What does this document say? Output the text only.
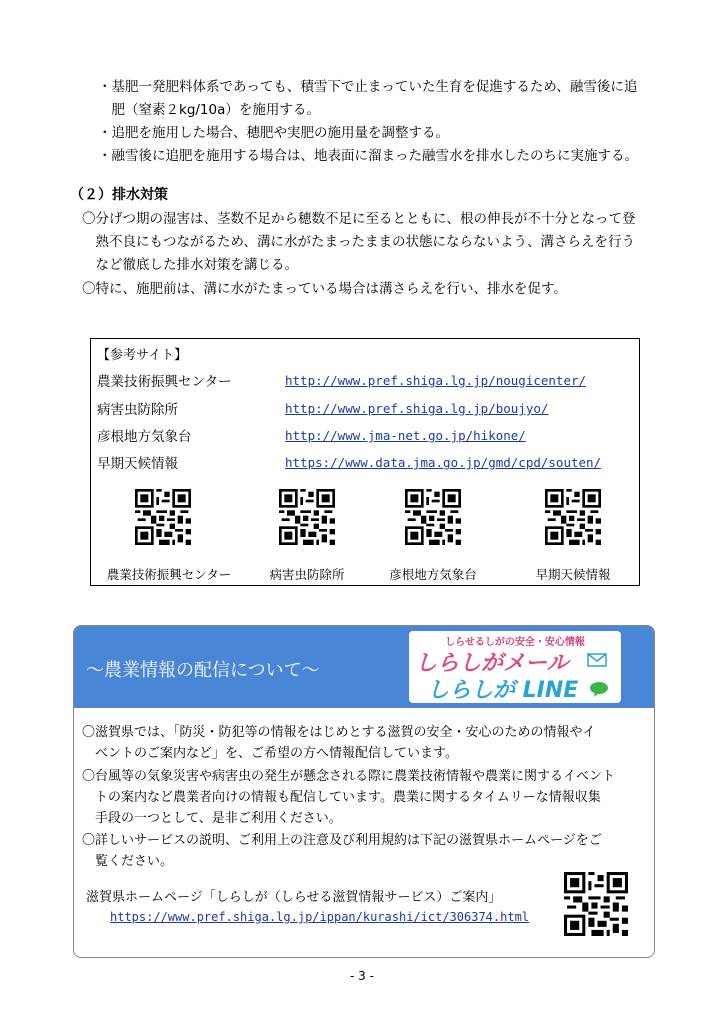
・基肥一発肥料体系であっても、積雪下で止まっていた生育を促進するため、融雪後に追
　肥（窒素２kg/10a）を施用する。
・追肥を施用した場合、穂肥や実肥の施用量を調整する。
・融雪後に追肥を施用する場合は、地表面に溜まった融雪水を排水したのちに実施する。
（２）排水対策
〇分げつ期の湿害は、茎数不足から穂数不足に至るとともに、根の伸長が不十分となって登
　熟不良にもつながるため、溝に水がたまったままの状態にならないよう、溝さらえを行う
　など徹底した排水対策を講じる。
〇特に、施肥前は、溝に水がたまっている場合は溝さらえを行い、排水を促す。
【参考サイト】
農業技術振興センター	http://www.pref.shiga.lg.jp/nougicenter/
病害虫防除所	http://www.pref.shiga.lg.jp/boujyo/
彦根地方気象台	http://www.jma-net.go.jp/hikone/
早期天候情報	https://www.data.jma.go.jp/gmd/cpd/souten/
農業技術振興センター	病害虫防除所	彦根地方気象台	早期天候情報
～農業情報の配信について～
しらせるしがの安全・安心情報
しらしがメール
しらしが LINE
〇滋賀県では、「防災・防犯等の情報をはじめとする滋賀の安全・安心のための情報やイ
　ベントのご案内など」を、ご希望の方へ情報配信しています。
〇台風等の気象災害や病害虫の発生が懸念される際に農業技術情報や農業に関するイベント
　トの案内など農業者向けの情報も配信しています。農業に関するタイムリーな情報収集
　手段の一つとして、是非ご利用ください。
〇詳しいサービスの説明、ご利用上の注意及び利用規約は下記の滋賀県ホームページをご
　覧ください。
滋賀県ホームページ「しらしが（しらせる滋賀情報サービス）ご案内」
https://www.pref.shiga.lg.jp/ippan/kurashi/ict/306374.html
- 3 -
